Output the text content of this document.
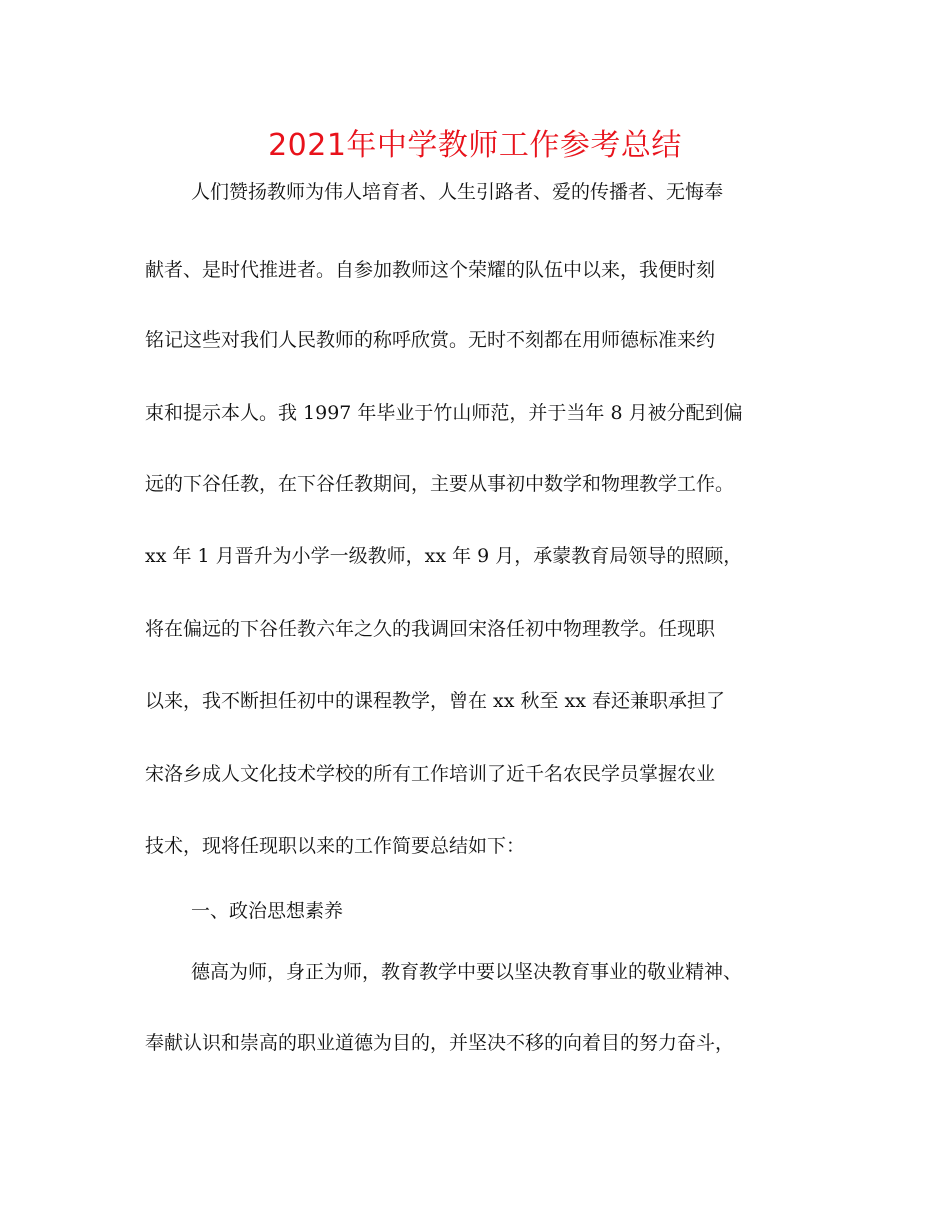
2021年中学教师工作参考总结
人们赞扬教师为伟人培育者、人生引路者、爱的传播者、无悔奉
献者、是时代推进者。自参加教师这个荣耀的队伍中以来，我便时刻
铭记这些对我们人民教师的称呼欣赏。无时不刻都在用师德标准来约
束和提示本人。我 1997 年毕业于竹山师范，并于当年 8 月被分配到偏
远的下谷任教，在下谷任教期间，主要从事初中数学和物理教学工作。
xx 年 1 月晋升为小学一级教师，xx 年 9 月，承蒙教育局领导的照顾，
将在偏远的下谷任教六年之久的我调回宋洛任初中物理教学。任现职
以来，我不断担任初中的课程教学，曾在 xx 秋至 xx 春还兼职承担了
宋洛乡成人文化技术学校的所有工作培训了近千名农民学员掌握农业
技术，现将任现职以来的工作简要总结如下：
一、政治思想素养
德高为师，身正为师，教育教学中要以坚决教育事业的敬业精神、
奉献认识和崇高的职业道德为目的，并坚决不移的向着目的努力奋斗，
